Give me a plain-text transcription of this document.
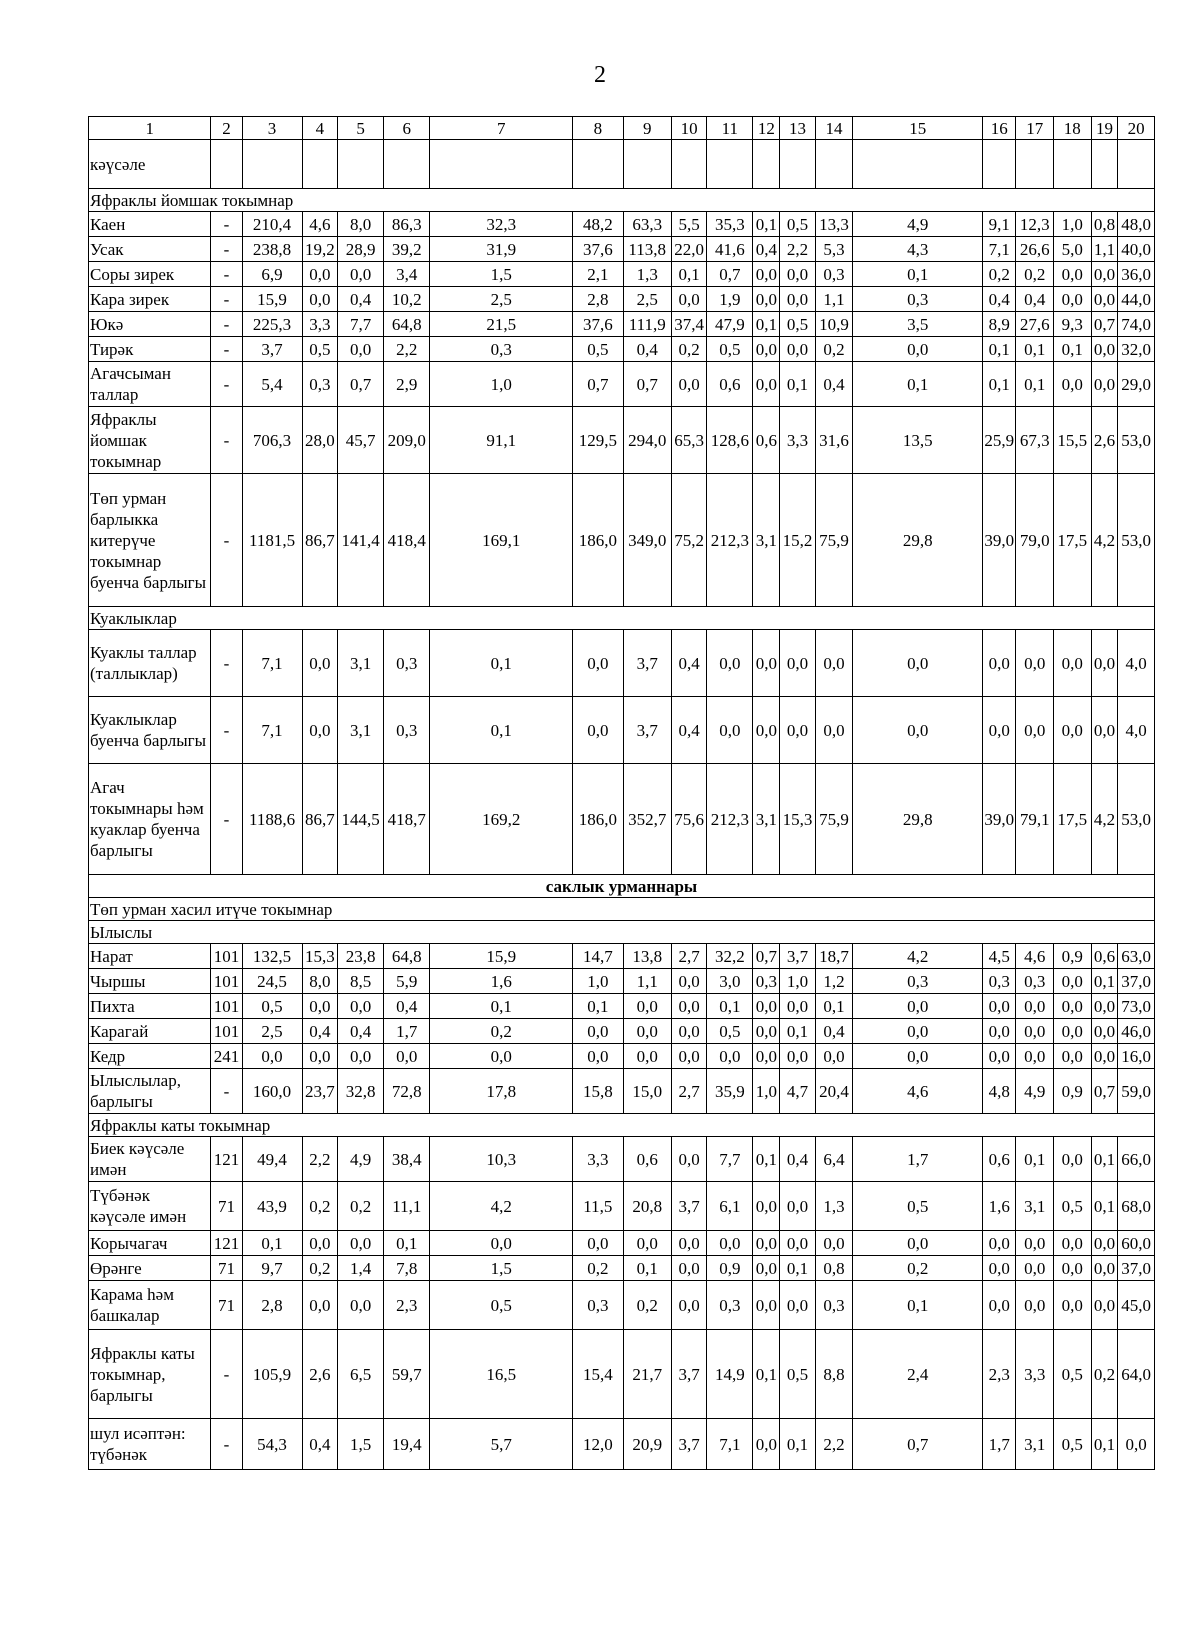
2
1	2	3	4	5	6	7	8	9	10	11	12	13	14	15	16	17	18	19	20
кәүсәле																			
Яфраклы йомшак токымнар																			
Каен	-	210,4	4,6	8,0	86,3	32,3	48,2	63,3	5,5	35,3	0,1	0,5	13,3	4,9	9,1	12,3	1,0	0,8	48,0
Усак	-	238,8	19,2	28,9	39,2	31,9	37,6	113,8	22,0	41,6	0,4	2,2	5,3	4,3	7,1	26,6	5,0	1,1	40,0
Соры зирек	-	6,9	0,0	0,0	3,4	1,5	2,1	1,3	0,1	0,7	0,0	0,0	0,3	0,1	0,2	0,2	0,0	0,0	36,0
Кара зирек	-	15,9	0,0	0,4	10,2	2,5	2,8	2,5	0,0	1,9	0,0	0,0	1,1	0,3	0,4	0,4	0,0	0,0	44,0
Юкә	-	225,3	3,3	7,7	64,8	21,5	37,6	111,9	37,4	47,9	0,1	0,5	10,9	3,5	8,9	27,6	9,3	0,7	74,0
Тирәк	-	3,7	0,5	0,0	2,2	0,3	0,5	0,4	0,2	0,5	0,0	0,0	0,2	0,0	0,1	0,1	0,1	0,0	32,0
Агачсыман таллар	-	5,4	0,3	0,7	2,9	1,0	0,7	0,7	0,0	0,6	0,0	0,1	0,4	0,1	0,1	0,1	0,0	0,0	29,0
Яфраклы йомшак токымнар	-	706,3	28,0	45,7	209,0	91,1	129,5	294,0	65,3	128,6	0,6	3,3	31,6	13,5	25,9	67,3	15,5	2,6	53,0
Төп урман барлыкка китерүче токымнар буенча барлыгы	-	1181,5	86,7	141,4	418,4	169,1	186,0	349,0	75,2	212,3	3,1	15,2	75,9	29,8	39,0	79,0	17,5	4,2	53,0
Куаклыклар																			
Куаклы таллар (таллыклар)	-	7,1	0,0	3,1	0,3	0,1	0,0	3,7	0,4	0,0	0,0	0,0	0,0	0,0	0,0	0,0	0,0	0,0	4,0
Куаклыклар буенча барлыгы	-	7,1	0,0	3,1	0,3	0,1	0,0	3,7	0,4	0,0	0,0	0,0	0,0	0,0	0,0	0,0	0,0	0,0	4,0
Агач токымнары һәм куаклар буенча барлыгы	-	1188,6	86,7	144,5	418,7	169,2	186,0	352,7	75,6	212,3	3,1	15,3	75,9	29,8	39,0	79,1	17,5	4,2	53,0
саклык урманнары																			
Төп урман хасил итүче токымнар																			
Ылыслы																			
Нарат	101	132,5	15,3	23,8	64,8	15,9	14,7	13,8	2,7	32,2	0,7	3,7	18,7	4,2	4,5	4,6	0,9	0,6	63,0
Чыршы	101	24,5	8,0	8,5	5,9	1,6	1,0	1,1	0,0	3,0	0,3	1,0	1,2	0,3	0,3	0,3	0,0	0,1	37,0
Пихта	101	0,5	0,0	0,0	0,4	0,1	0,1	0,0	0,0	0,1	0,0	0,0	0,1	0,0	0,0	0,0	0,0	0,0	73,0
Карагай	101	2,5	0,4	0,4	1,7	0,2	0,0	0,0	0,0	0,5	0,0	0,1	0,4	0,0	0,0	0,0	0,0	0,0	46,0
Кедр	241	0,0	0,0	0,0	0,0	0,0	0,0	0,0	0,0	0,0	0,0	0,0	0,0	0,0	0,0	0,0	0,0	0,0	16,0
Ылыслылар, барлыгы	-	160,0	23,7	32,8	72,8	17,8	15,8	15,0	2,7	35,9	1,0	4,7	20,4	4,6	4,8	4,9	0,9	0,7	59,0
Яфраклы каты токымнар																			
Биек кәүсәле имән	121	49,4	2,2	4,9	38,4	10,3	3,3	0,6	0,0	7,7	0,1	0,4	6,4	1,7	0,6	0,1	0,0	0,1	66,0
Түбәнәк кәүсәле имән	71	43,9	0,2	0,2	11,1	4,2	11,5	20,8	3,7	6,1	0,0	0,0	1,3	0,5	1,6	3,1	0,5	0,1	68,0
Корычагач	121	0,1	0,0	0,0	0,1	0,0	0,0	0,0	0,0	0,0	0,0	0,0	0,0	0,0	0,0	0,0	0,0	0,0	60,0
Өрәнге	71	9,7	0,2	1,4	7,8	1,5	0,2	0,1	0,0	0,9	0,0	0,1	0,8	0,2	0,0	0,0	0,0	0,0	37,0
Карама һәм башкалар	71	2,8	0,0	0,0	2,3	0,5	0,3	0,2	0,0	0,3	0,0	0,0	0,3	0,1	0,0	0,0	0,0	0,0	45,0
Яфраклы каты токымнар, барлыгы	-	105,9	2,6	6,5	59,7	16,5	15,4	21,7	3,7	14,9	0,1	0,5	8,8	2,4	2,3	3,3	0,5	0,2	64,0
шул исәптән: түбәнәк	-	54,3	0,4	1,5	19,4	5,7	12,0	20,9	3,7	7,1	0,0	0,1	2,2	0,7	1,7	3,1	0,5	0,1	0,0
